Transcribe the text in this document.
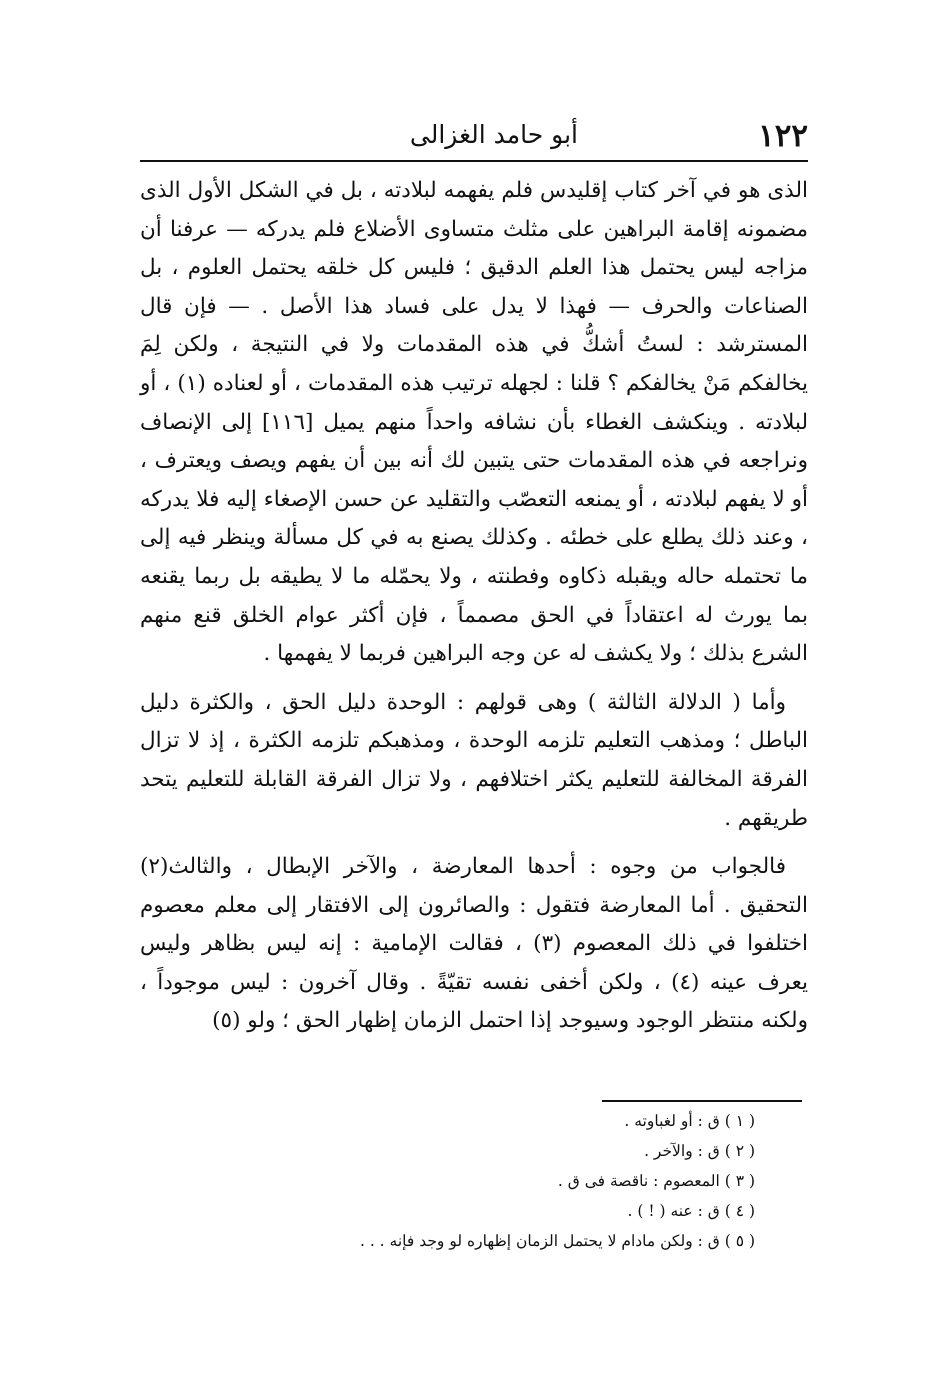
١٢٢
أبو حامد الغزالى

الذى هو في آخر كتاب إقليدس فلم يفهمه لبلادته ، بل في الشكل الأول الذى مضمونه إقامة البراهين على مثلث متساوى الأضلاع فلم يدركه — عرفنا أن مزاجه ليس يحتمل هذا العلم الدقيق ؛ فليس كل خلقه يحتمل العلوم ، بل الصناعات والحرف — فهذا لا يدل على فساد هذا الأصل . — فإن قال المسترشد : لستُ أشكُّ في هذه المقدمات ولا في النتيجة ، ولكن لِمَ يخالفكم مَنْ يخالفكم ؟ قلنا : لجهله ترتيب هذه المقدمات ، أو لعناده (١) ، أو لبلادته . وينكشف الغطاء بأن نشافه واحداً منهم يميل [١١٦] إلى الإنصاف ونراجعه في هذه المقدمات حتى يتبين لك أنه بين أن يفهم ويصف ويعترف ، أو لا يفهم لبلادته ، أو يمنعه التعصّب والتقليد عن حسن الإصغاء إليه فلا يدركه ، وعند ذلك يطلع على خطئه . وكذلك يصنع به في كل مسألة وينظر فيه إلى ما تحتمله حاله ويقبله ذكاوه وفطنته ، ولا يحمّله ما لا يطيقه بل ربما يقنعه بما يورث له اعتقاداً في الحق مصمماً ، فإن أكثر عوام الخلق قنع منهم الشرع بذلك ؛ ولا يكشف له عن وجه البراهين فربما لا يفهمها .

وأما ( الدلالة الثالثة ) وهى قولهم : الوحدة دليل الحق ، والكثرة دليل الباطل ؛ ومذهب التعليم تلزمه الوحدة ، ومذهبكم تلزمه الكثرة ، إذ لا تزال الفرقة المخالفة للتعليم يكثر اختلافهم ، ولا تزال الفرقة القابلة للتعليم يتحد طريقهم .

فالجواب من وجوه : أحدها المعارضة ، والآخر الإبطال ، والثالث(٢) التحقيق . أما المعارضة فتقول : والصائرون إلى الافتقار إلى معلم معصوم اختلفوا في ذلك المعصوم (٣) ، فقالت الإمامية : إنه ليس بظاهر وليس يعرف عينه (٤) ، ولكن أخفى نفسه تقيّةً . وقال آخرون : ليس موجوداً ، ولكنه منتظر الوجود وسيوجد إذا احتمل الزمان إظهار الحق ؛ ولو (٥)

( ١ ) ق : أو لغباوته .
( ٢ ) ق : والآخر .
( ٣ ) المعصوم : ناقصة فى ق .
( ٤ ) ق : عنه ( ! ) .
( ٥ ) ق : ولكن مادام لا يحتمل الزمان إظهاره لو وجد فإنه . . .
